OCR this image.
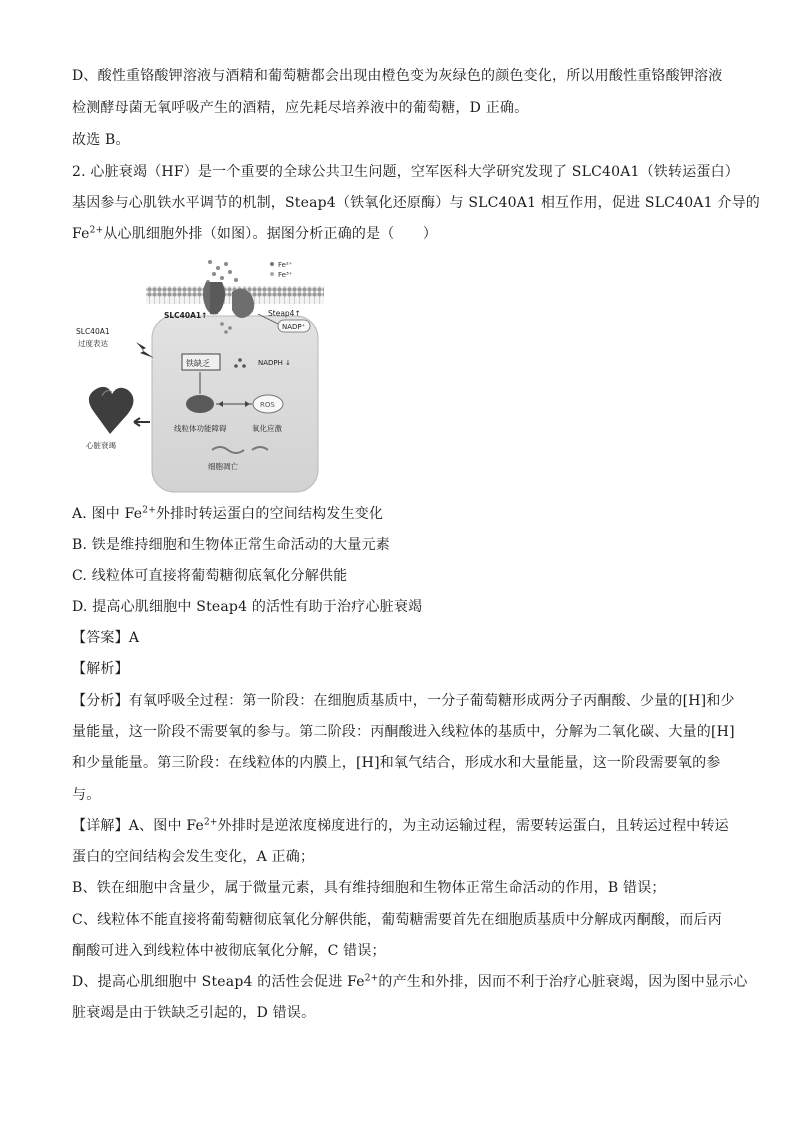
D、酸性重铬酸钾溶液与酒精和葡萄糖都会出现由橙色变为灰绿色的颜色变化，所以用酸性重铬酸钾溶液
检测酵母菌无氧呼吸产生的酒精，应先耗尽培养液中的葡萄糖，D 正确。
故选 B。
2. 心脏衰竭（HF）是一个重要的全球公共卫生问题，空军医科大学研究发现了 SLC40A1（铁转运蛋白）
基因参与心肌铁水平调节的机制，Steap4（铁氧化还原酶）与 SLC40A1 相互作用，促进 SLC40A1 介导的
$Fe^{2+}$从心肌细胞外排（如图）。据图分析正确的是（　　）
Fe²⁺
Fe³⁺
SLC40A1↑	Steap4↑
NADP⁺
SLC40A1
过度表达
铁缺乏	NADPH ↓
ROS
线粒体功能障碍	氧化应激
细胞凋亡
心脏衰竭
A. 图中 $Fe^{2+}$外排时转运蛋白的空间结构发生变化
B. 铁是维持细胞和生物体正常生命活动的大量元素
C. 线粒体可直接将葡萄糖彻底氧化分解供能
D. 提高心肌细胞中 Steap4 的活性有助于治疗心脏衰竭
【答案】A
【解析】
【分析】有氧呼吸全过程：第一阶段：在细胞质基质中，一分子葡萄糖形成两分子丙酮酸、少量的[H]和少
量能量，这一阶段不需要氧的参与。第二阶段：丙酮酸进入线粒体的基质中，分解为二氧化碳、大量的[H]
和少量能量。第三阶段：在线粒体的内膜上，[H]和氧气结合，形成水和大量能量，这一阶段需要氧的参
与。
【详解】A、图中 $Fe^{2+}$外排时是逆浓度梯度进行的，为主动运输过程，需要转运蛋白，且转运过程中转运
蛋白的空间结构会发生变化，A 正确；
B、铁在细胞中含量少，属于微量元素，具有维持细胞和生物体正常生命活动的作用，B 错误；
C、线粒体不能直接将葡萄糖彻底氧化分解供能，葡萄糖需要首先在细胞质基质中分解成丙酮酸，而后丙
酮酸可进入到线粒体中被彻底氧化分解，C 错误；
D、提高心肌细胞中 Steap4 的活性会促进 $Fe^{2+}$的产生和外排，因而不利于治疗心脏衰竭，因为图中显示心
脏衰竭是由于铁缺乏引起的，D 错误。
